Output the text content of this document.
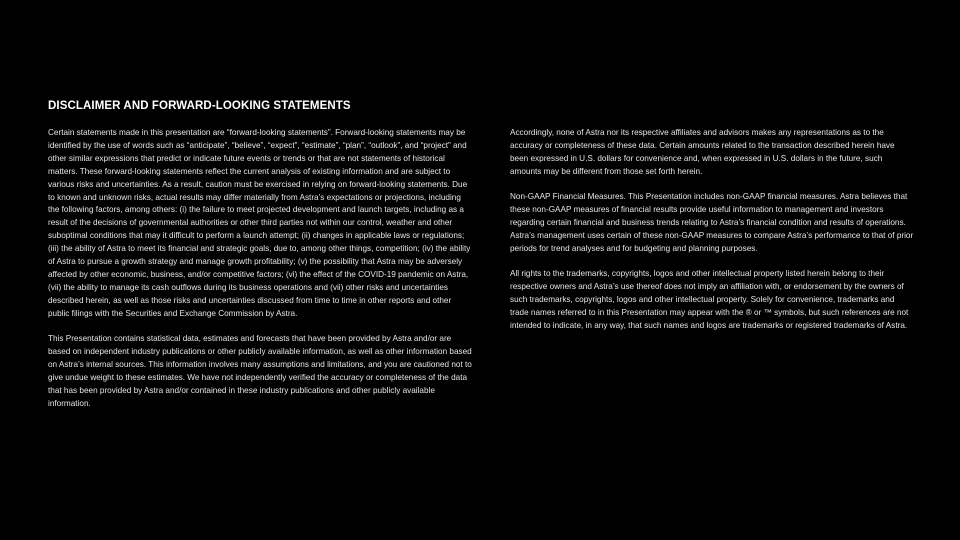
DISCLAIMER AND FORWARD-LOOKING STATEMENTS

Certain statements made in this presentation are “forward-looking statements”. Forward-looking statements may be identified by the use of words such as “anticipate”, “believe”, “expect”, “estimate”, “plan”, “outlook”, and “project” and other similar expressions that predict or indicate future events or trends or that are not statements of historical matters. These forward-looking statements reflect the current analysis of existing information and are subject to various risks and uncertainties. As a result, caution must be exercised in relying on forward-looking statements. Due to known and unknown risks, actual results may differ materially from Astra’s expectations or projections, including the following factors, among others: (i) the failure to meet projected development and launch targets, including as a result of the decisions of governmental authorities or other third parties not within our control, weather and other suboptimal conditions that may it difficult to perform a launch attempt; (ii) changes in applicable laws or regulations; (iii) the ability of Astra to meet its financial and strategic goals, due to, among other things, competition; (iv) the ability of Astra to pursue a growth strategy and manage growth profitability; (v) the possibility that Astra may be adversely affected by other economic, business, and/or competitive factors; (vi) the effect of the COVID-19 pandemic on Astra, (vii) the ability to manage its cash outflows during its business operations and (vii) other risks and uncertainties described herein, as well as those risks and uncertainties discussed from time to time in other reports and other public filings with the Securities and Exchange Commission by Astra.

This Presentation contains statistical data, estimates and forecasts that have been provided by Astra and/or are based on independent industry publications or other publicly available information, as well as other information based on Astra’s internal sources. This information involves many assumptions and limitations, and you are cautioned not to give undue weight to these estimates. We have not independently verified the accuracy or completeness of the data that has been provided by Astra and/or contained in these industry publications and other publicly available information.

Accordingly, none of Astra nor its respective affiliates and advisors makes any representations as to the accuracy or completeness of these data. Certain amounts related to the transaction described herein have been expressed in U.S. dollars for convenience and, when expressed in U.S. dollars in the future, such amounts may be different from those set forth herein.

Non-GAAP Financial Measures. This Presentation includes non-GAAP financial measures. Astra believes that these non-GAAP measures of financial results provide useful information to management and investors regarding certain financial and business trends relating to Astra’s financial condition and results of operations. Astra’s management uses certain of these non-GAAP measures to compare Astra’s performance to that of prior periods for trend analyses and for budgeting and planning purposes.

All rights to the trademarks, copyrights, logos and other intellectual property listed herein belong to their respective owners and Astra’s use thereof does not imply an affiliation with, or endorsement by the owners of such trademarks, copyrights, logos and other intellectual property. Solely for convenience, trademarks and trade names referred to in this Presentation may appear with the ® or ™ symbols, but such references are not intended to indicate, in any way, that such names and logos are trademarks or registered trademarks of Astra.
